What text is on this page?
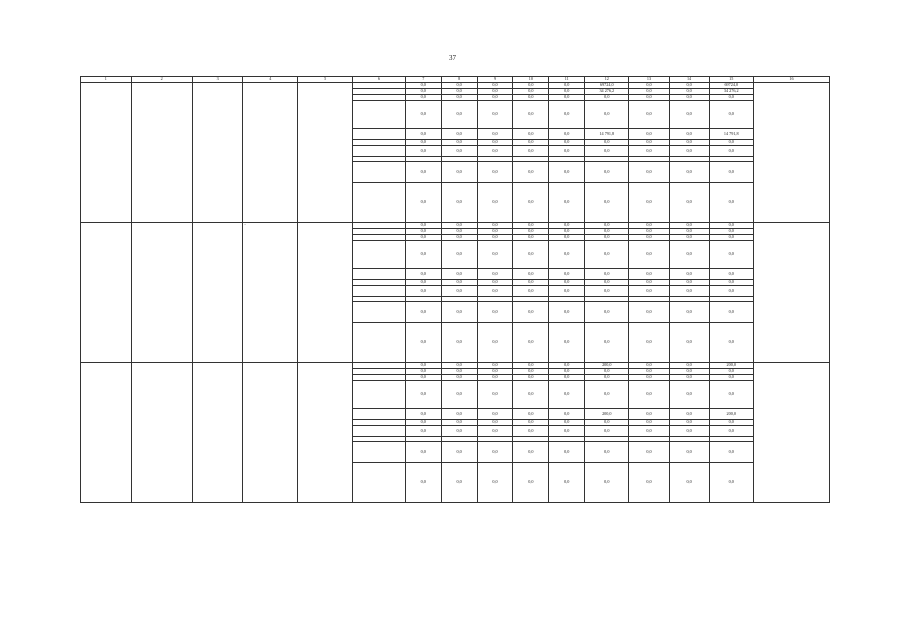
37
1	2	3	4	5	6	7	8	9	10	11	12	13	14	15	16
						0,0	0,0	0,0	0,0	0,0	69724,0	0,0	0,0	69724,0	
						0,0	0,0	0,0	0,0	0,0	34 276,2	0,0	0,0	34 276,2	
						0,0	0,0	0,0	0,0	0,0	0,0	0,0	0,0	0,0	
						0,0	0,0	0,0	0,0	0,0	0,0	0,0	0,0	0,0	
						0,0	0,0	0,0	0,0	0,0	14 791,8	0,0	0,0	14 791,8	
						0,0	0,0	0,0	0,0	0,0	0,0	0,0	0,0	0,0	
						0,0	0,0	0,0	0,0	0,0	0,0	0,0	0,0	0,0	

						0,0	0,0	0,0	0,0	0,0	0,0	0,0	0,0	0,0	
						0,0	0,0	0,0	0,0	0,0	0,0	0,0	0,0	0,0	

			-			0,0	0,0	0,0	0,0	0,0	0,0	0,0	0,0	0,0	
						0,0	0,0	0,0	0,0	0,0	0,0	0,0	0,0	0,0	
						0,0	0,0	0,0	0,0	0,0	0,0	0,0	0,0	0,0	
						0,0	0,0	0,0	0,0	0,0	0,0	0,0	0,0	0,0	
						0,0	0,0	0,0	0,0	0,0	0,0	0,0	0,0	0,0	
						0,0	0,0	0,0	0,0	0,0	0,0	0,0	0,0	0,0	
						0,0	0,0	0,0	0,0	0,0	0,0	0,0	0,0	0,0	

						0,0	0,0	0,0	0,0	0,0	0,0	0,0	0,0	0,0	
						0,0	0,0	0,0	0,0	0,0	0,0	0,0	0,0	0,0	
						0,0	0,0	0,0	0,0	0,0	200,0	0,0	0,0	200,0	
						0,0	0,0	0,0	0,0	0,0	0,0	0,0	0,0	0,0	
						0,0	0,0	0,0	0,0	0,0	0,0	0,0	0,0	0,0	
						0,0	0,0	0,0	0,0	0,0	0,0	0,0	0,0	0,0	
						0,0	0,0	0,0	0,0	0,0	200,0	0,0	0,0	200,0	
						0,0	0,0	0,0	0,0	0,0	0,0	0,0	0,0	0,0	
						0,0	0,0	0,0	0,0	0,0	0,0	0,0	0,0	0,0	

						0,0	0,0	0,0	0,0	0,0	0,0	0,0	0,0	0,0	
						0,0	0,0	0,0	0,0	0,0	0,0	0,0	0,0	0,0	
